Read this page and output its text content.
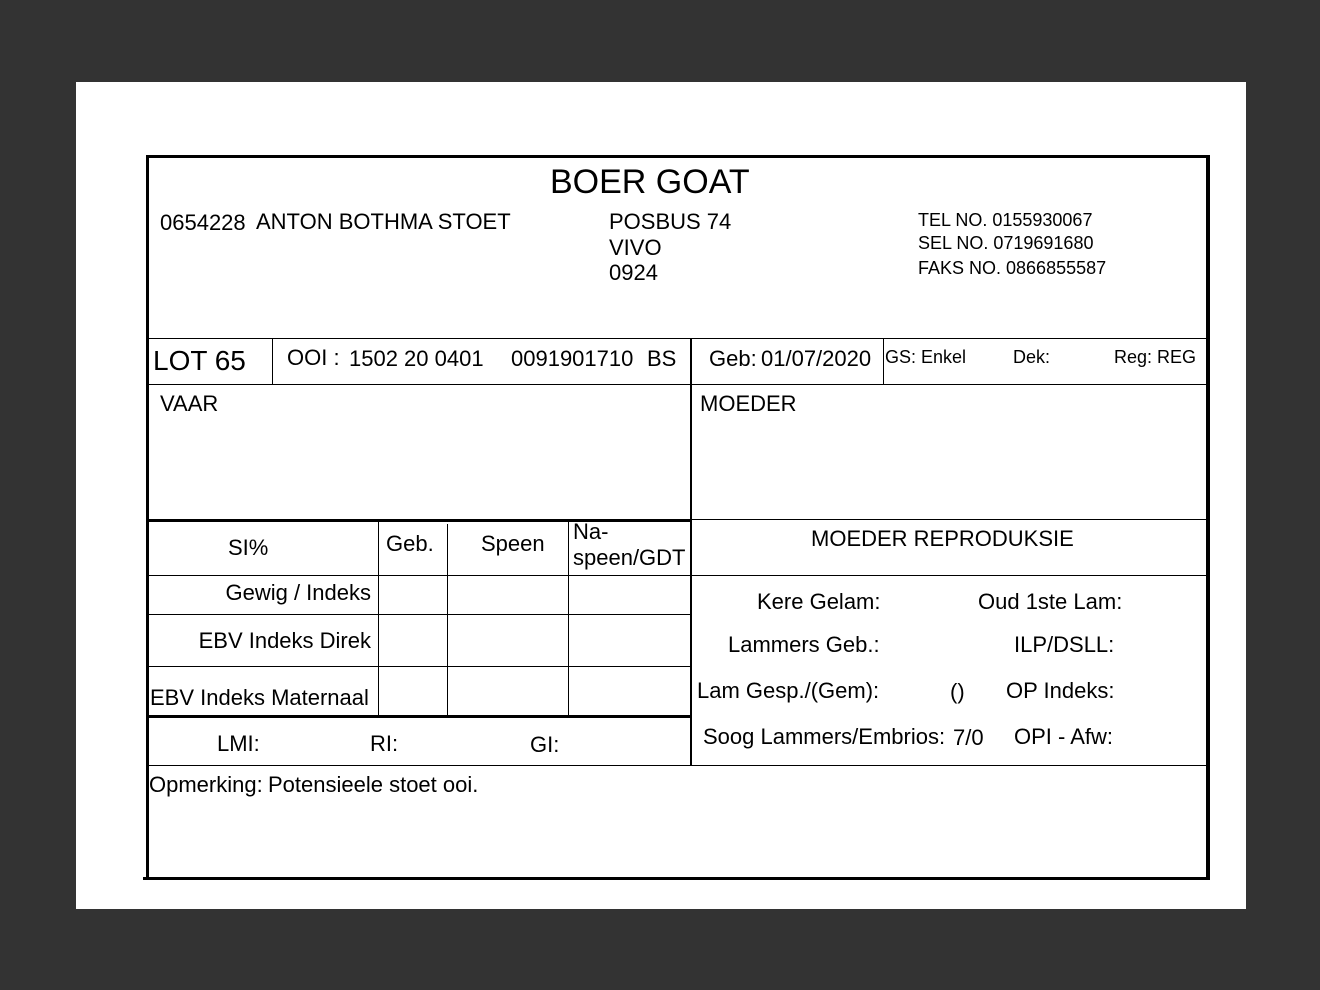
BOER GOAT
0654228 ANTON BOTHMA STOET	POSBUS 74
VIVO
0924
TEL NO. 0155930067
SEL NO. 0719691680
FAKS NO. 0866855587
LOT 65 OOI : 1502 20 0401 0091901710 BS Geb: 01/07/2020 GS: Enkel	Dek:	Reg: REG
VAAR	MOEDER
SI%	Geb. Speen Na-
speen/GDT
Gewig / Indeks
EBV Indeks Direk
EBV Indeks Maternaal
LMI:	RI:	GI:
MOEDER REPRODUKSIE
Kere Gelam:	Oud 1ste Lam:
Lammers Geb.:	ILP/DSLL:
Lam Gesp./(Gem):	() OP Indeks:
Soog Lammers/Embrios: 7/0 OPI - Afw:
Opmerking: Potensieele stoet ooi.
